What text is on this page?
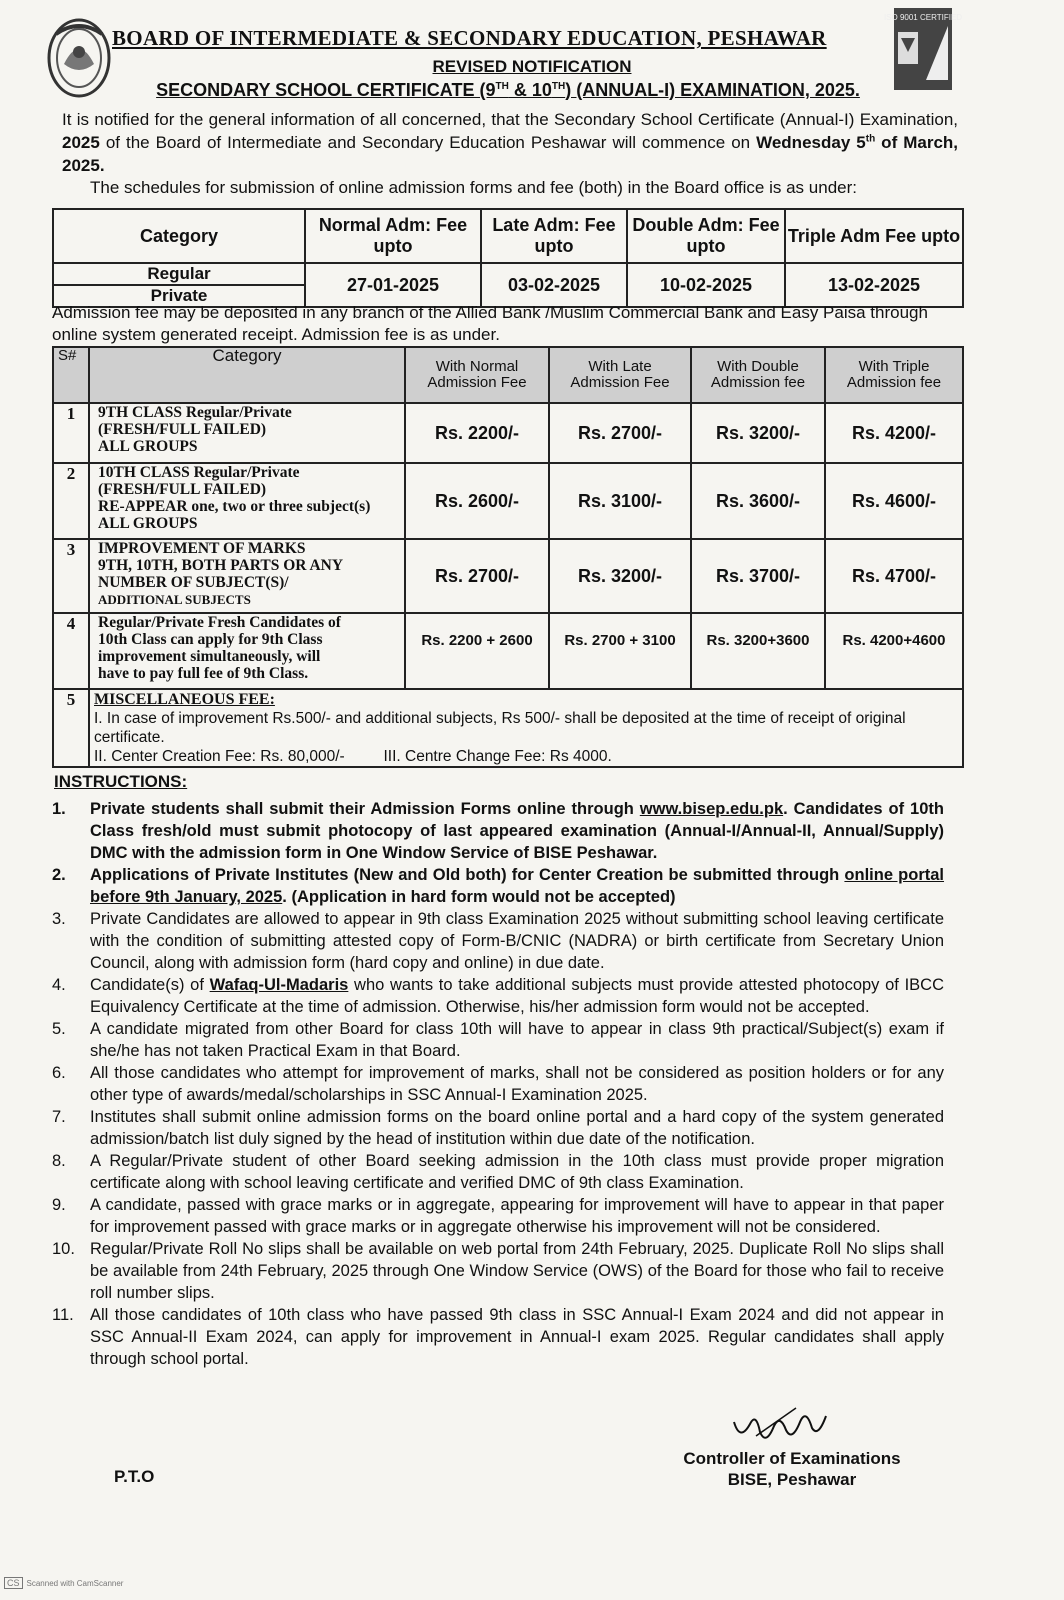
ISO 9001 CERTIFIED
BOARD OF INTERMEDIATE & SECONDARY EDUCATION, PESHAWAR
REVISED NOTIFICATION
SECONDARY SCHOOL CERTIFICATE (9TH & 10TH) (ANNUAL-I) EXAMINATION, 2025.
It is notified for the general information of all concerned, that the Secondary School Certificate (Annual-I) Examination, 2025 of the Board of Intermediate and Secondary Education Peshawar will commence on Wednesday 5th of March, 2025.
The schedules for submission of online admission forms and fee (both) in the Board office is as under:
Category	Normal Adm: Fee upto	Late Adm: Fee upto	Double Adm: Fee upto	Triple Adm Fee upto
Regular	27-01-2025	03-02-2025	10-02-2025	13-02-2025
Private				
Admission fee may be deposited in any branch of the Allied Bank /Muslim Commercial Bank and Easy Paisa through online system generated receipt. Admission fee is as under.
S#	Category	With Normal Admission Fee	With Late Admission Fee	With Double Admission fee	With Triple Admission fee
1	9TH CLASS Regular/Private
(FRESH/FULL FAILED)
ALL GROUPS	Rs. 2200/-	Rs. 2700/-	Rs. 3200/-	Rs. 4200/-
2	10TH CLASS Regular/Private
(FRESH/FULL FAILED)
RE-APPEAR one, two or three subject(s)
ALL GROUPS	Rs. 2600/-	Rs. 3100/-	Rs. 3600/-	Rs. 4600/-
3	IMPROVEMENT OF MARKS
9TH, 10TH, BOTH PARTS OR ANY
NUMBER OF SUBJECT(S)/
ADDITIONAL SUBJECTS	Rs. 2700/-	Rs. 3200/-	Rs. 3700/-	Rs. 4700/-
4	Regular/Private Fresh Candidates of
10th Class can apply for 9th Class
improvement simultaneously, will
have to pay full fee of 9th Class.	Rs. 2200 + 2600	Rs. 2700 + 3100	Rs. 3200+3600	Rs. 4200+4600
5	MISCELLANEOUS FEE:
I. In case of improvement Rs.500/- and additional subjects, Rs 500/- shall be deposited at the time of receipt of original certificate.
II. Center Creation Fee: Rs. 80,000/- III. Centre Change Fee: Rs 4000.				
INSTRUCTIONS:
1. Private students shall submit their Admission Forms online through www.bisep.edu.pk. Candidates of 10th Class fresh/old must submit photocopy of last appeared examination (Annual-I/Annual-II, Annual/Supply) DMC with the admission form in One Window Service of BISE Peshawar.
2. Applications of Private Institutes (New and Old both) for Center Creation be submitted through online portal before 9th January, 2025. (Application in hard form would not be accepted)
3. Private Candidates are allowed to appear in 9th class Examination 2025 without submitting school leaving certificate with the condition of submitting attested copy of Form-B/CNIC (NADRA) or birth certificate from Secretary Union Council, along with admission form (hard copy and online) in due date.
4. Candidate(s) of Wafaq-Ul-Madaris who wants to take additional subjects must provide attested photocopy of IBCC Equivalency Certificate at the time of admission. Otherwise, his/her admission form would not be accepted.
5. A candidate migrated from other Board for class 10th will have to appear in class 9th practical/Subject(s) exam if she/he has not taken Practical Exam in that Board.
6. All those candidates who attempt for improvement of marks, shall not be considered as position holders or for any other type of awards/medal/scholarships in SSC Annual-I Examination 2025.
7. Institutes shall submit online admission forms on the board online portal and a hard copy of the system generated admission/batch list duly signed by the head of institution within due date of the notification.
8. A Regular/Private student of other Board seeking admission in the 10th class must provide proper migration certificate along with school leaving certificate and verified DMC of 9th class Examination.
9. A candidate, passed with grace marks or in aggregate, appearing for improvement will have to appear in that paper for improvement passed with grace marks or in aggregate otherwise his improvement will not be considered.
10. Regular/Private Roll No slips shall be available on web portal from 24th February, 2025. Duplicate Roll No slips shall be available from 24th February, 2025 through One Window Service (OWS) of the Board for those who fail to receive roll number slips.
11. All those candidates of 10th class who have passed 9th class in SSC Annual-I Exam 2024 and did not appear in SSC Annual-II Exam 2024, can apply for improvement in Annual-I exam 2025. Regular candidates shall apply through school portal.
Controller of Examinations
BISE, Peshawar
P.T.O
CS Scanned with CamScanner
